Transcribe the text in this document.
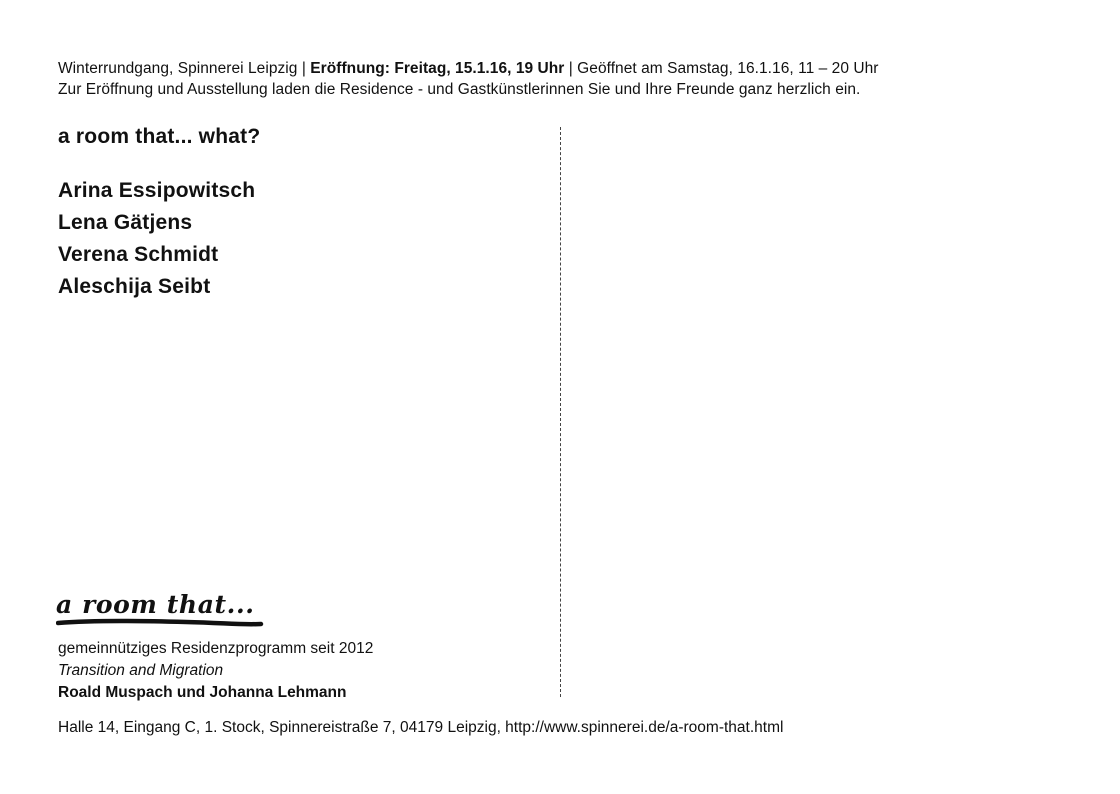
Winterrundgang, Spinnerei Leipzig | Eröffnung: Freitag, 15.1.16, 19 Uhr | Geöffnet am Samstag, 16.1.16, 11 – 20 Uhr
Zur Eröffnung und Ausstellung laden die Residence - und Gastkünstlerinnen Sie und Ihre Freunde ganz herzlich ein.
a room that... what?
Arina Essipowitsch
Lena Gätjens
Verena Schmidt
Aleschija Seibt
a room that...
gemeinnütziges Residenzprogramm seit 2012
Transition and Migration
Roald Muspach und Johanna Lehmann
Halle 14, Eingang C, 1. Stock, Spinnereistraße 7, 04179 Leipzig, http://www.spinnerei.de/a-room-that.html
